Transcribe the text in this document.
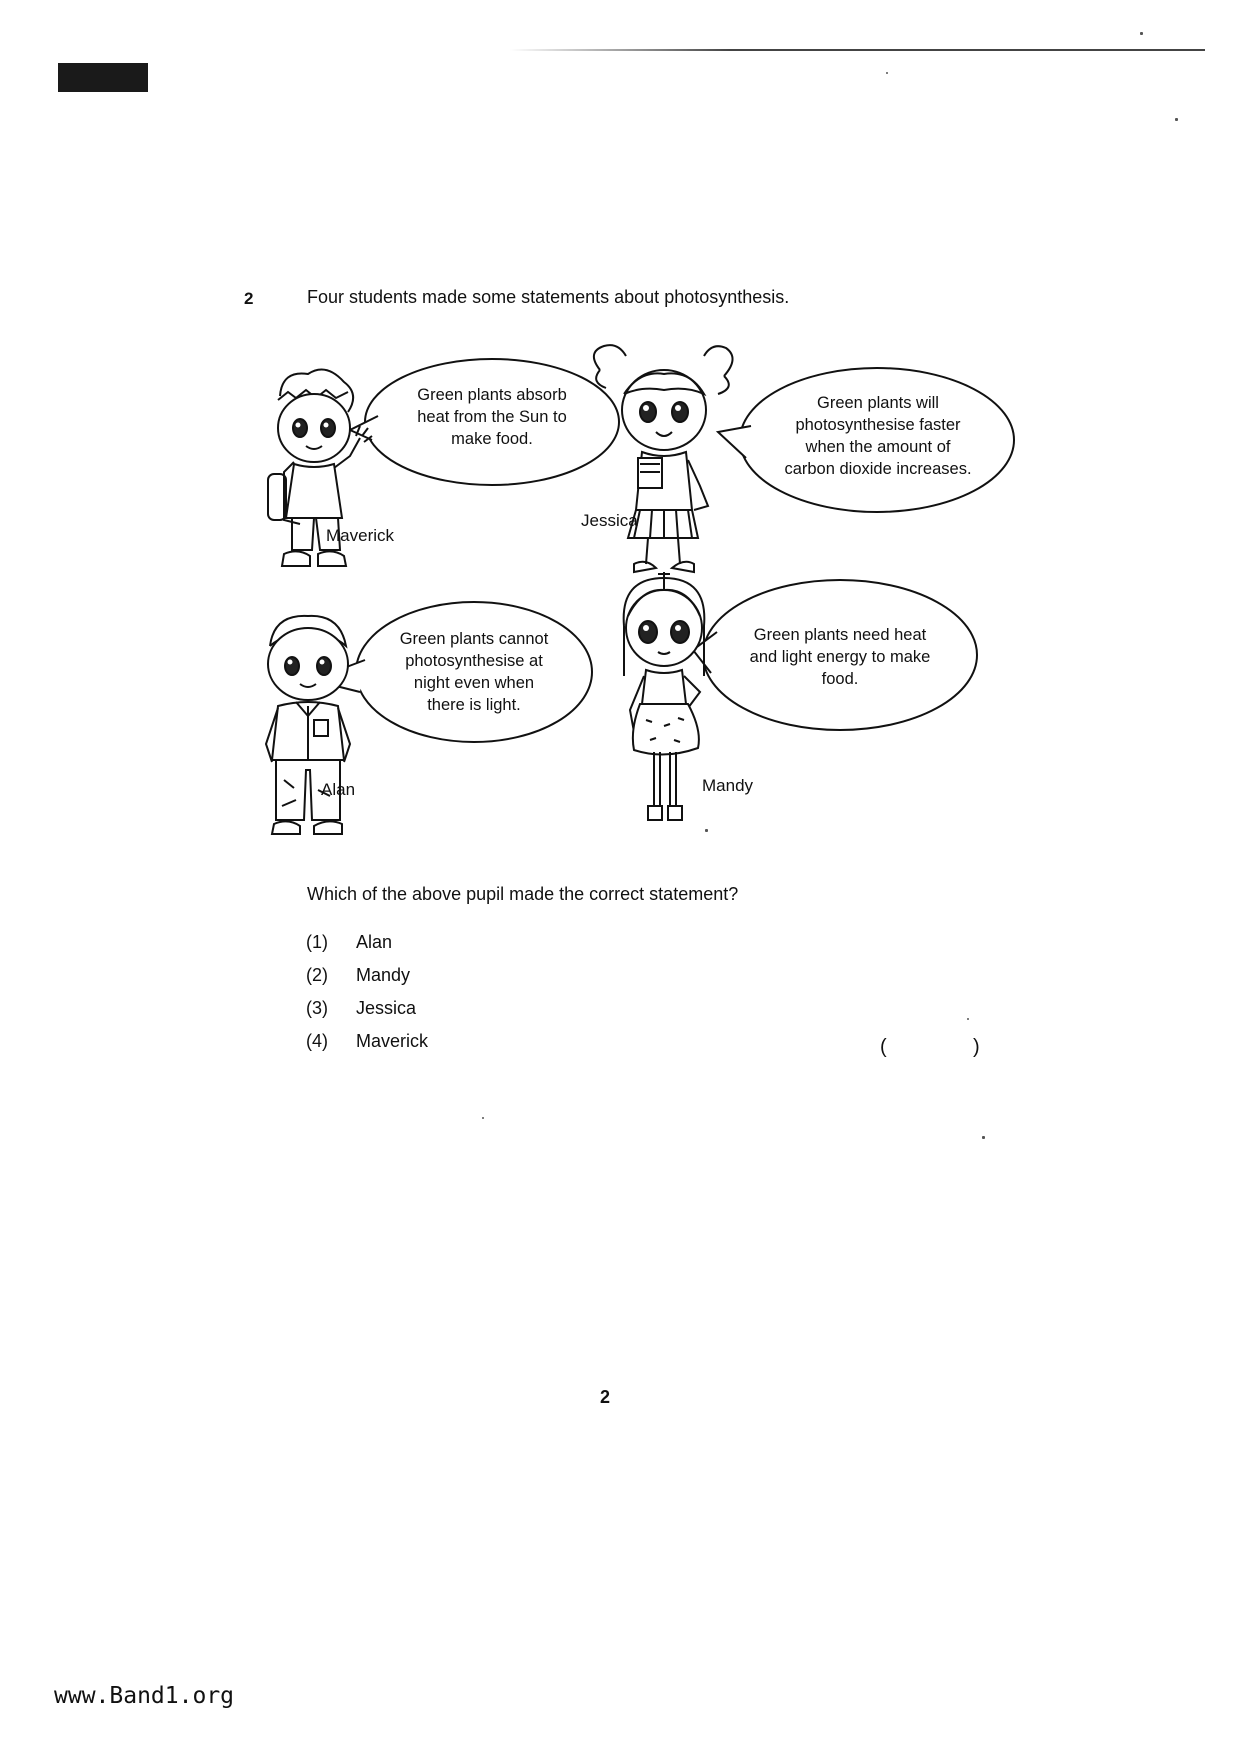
2	Four students made some statements about photosynthesis.
Maverick
Jessica
Alan	Mandy
Green plants absorb
heat from the Sun to
make food.
Green plants will
photosynthesise faster
when the amount of
carbon dioxide increases.
Green plants cannot
photosynthesise at
night even when
there is light.
Green plants need heat
and light energy to make
food.
Which of the above pupil made the correct statement?
(1) Alan
(2) Mandy
(3) Jessica
(4) Maverick	(	)
2
www.Band1.org
